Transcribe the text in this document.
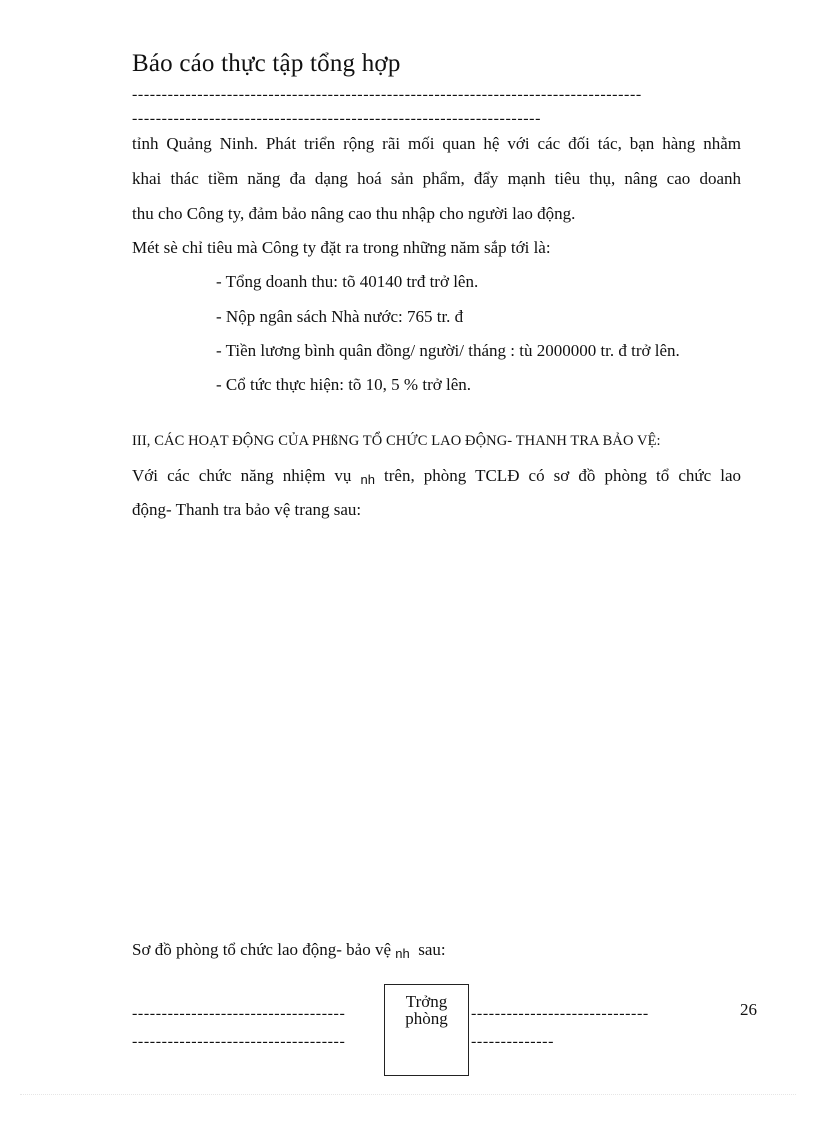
Báo cáo thực tập tổng hợp
--------------------------------------------------------------------------------------
---------------------------------------------------------------------
tỉnh Quảng Ninh. Phát triển rộng rãi mối quan hệ với các đối tác, bạn hàng nhằm
khai thác tiềm năng đa dạng hoá sản phẩm, đẩy mạnh tiêu thụ, nâng cao doanh
thu cho Công ty, đảm bảo nâng cao thu nhập cho người lao động.
Mét sè chỉ tiêu mà Công ty đặt ra trong những năm sắp tới là:
- Tổng doanh thu: tõ 40140 trđ trở lên.
- Nộp ngân sách Nhà nước: 765 tr. đ
- Tiền lương bình quân đồng/ người/ tháng : tù 2000000 tr. đ trở lên.
- Cổ tức thực hiện: tõ 10, 5 % trở lên.
III, CÁC HOẠT ĐỘNG CỦA PHßNG TỔ CHỨC LAO ĐỘNG- THANH TRA BẢO VỆ:
Với các chức năng nhiệm vụ $_{nh}$ trên, phòng TCLĐ có sơ đồ phòng tổ chức lao
động- Thanh tra bảo vệ trang sau:
Sơ đồ phòng tổ chức lao động- bảo vệ $_{nh}$ sau:
------------------------------------	------------------------------
------------------------------------	--------------
Trởng
phòng	26
